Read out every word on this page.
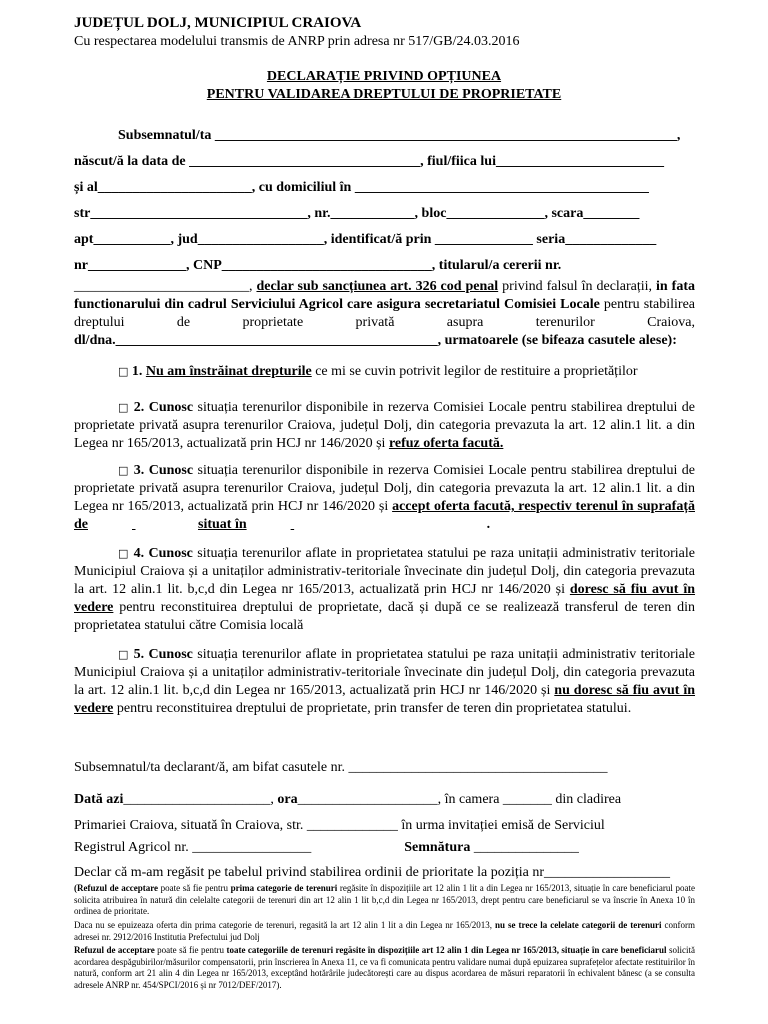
JUDEȚUL DOLJ, MUNICIPIUL CRAIOVA
Cu respectarea modelului transmis de ANRP prin adresa nr 517/GB/24.03.2016
DECLARAȚIE PRIVIND OPȚIUNEA
PENTRU VALIDAREA DREPTULUI DE PROPRIETATE
Subsemnatul/ta __________________________________________________________________,
născut/ă la data de _________________________________, fiul/fiica lui________________________
și al______________________, cu domiciliul în __________________________________________
str_______________________________, nr.____________, bloc______________, scara________
apt___________, jud__________________, identificat/ă prin ______________ seria_____________
nr______________, CNP______________________________, titularul/a cererii nr.
_________________________, declar sub sancțiunea art. 326 cod penal privind falsul în declarații, in fata functionarului din cadrul Serviciului Agricol care asigura secretariatul Comisiei Locale pentru stabilirea dreptului de proprietate privată asupra terenurilor Craiova, dl/dna.______________________________________________, urmatoarele (se bifeaza casutele alese):
□ 1. Nu am înstrăinat drepturile ce mi se cuvin potrivit legilor de restituire a proprietăților
□ 2. Cunosc situația terenurilor disponibile in rezerva Comisiei Locale pentru stabilirea dreptului de proprietate privată asupra terenurilor Craiova, județul Dolj, din categoria prevazuta la art. 12 alin.1 lit. a din Legea nr 165/2013, actualizată prin HCJ nr 146/2020 și refuz oferta facută.
□ 3. Cunosc situația terenurilor disponibile in rezerva Comisiei Locale pentru stabilirea dreptului de proprietate privată asupra terenurilor Craiova, județul Dolj, din categoria prevazuta la art. 12 alin.1 lit. a din Legea nr 165/2013, actualizată prin HCJ nr 146/2020 și accept oferta facută, respectiv terenul în suprafață de	situat în	.
□ 4. Cunosc situația terenurilor aflate in proprietatea statului pe raza unitații administrativ teritoriale Municipiul Craiova și a unitaților administrativ-teritoriale învecinate din județul Dolj, din categoria prevazuta la art. 12 alin.1 lit. b,c,d din Legea nr 165/2013, actualizată prin HCJ nr 146/2020 și doresc să fiu avut în vedere pentru reconstituirea dreptului de proprietate, dacă și după ce se realizează transferul de teren din proprietatea statului către Comisia locală
□ 5. Cunosc situația terenurilor aflate in proprietatea statului pe raza unitații administrativ teritoriale Municipiul Craiova și a unitaților administrativ-teritoriale învecinate din județul Dolj, din categoria prevazuta la art. 12 alin.1 lit. b,c,d din Legea nr 165/2013, actualizată prin HCJ nr 146/2020 și nu doresc să fiu avut în vedere pentru reconstituirea dreptului de proprietate, prin transfer de teren din proprietatea statului.
Subsemnatul/ta declarant/ă, am bifat casutele nr. _____________________________________
Dată azi_____________________, ora____________________, în camera _______ din cladirea
Primariei Craiova, situată în Craiova, str. _____________ în urma invitației emisă de Serviciul
Registrul Agricol nr. _________________	Semnătura _______________
Declar că m-am regăsit pe tabelul privind stabilirea ordinii de prioritate la poziția nr__________________
(Refuzul de acceptare poate să fie pentru prima categorie de terenuri regăsite în dispozițiile art 12 alin 1 lit a din Legea nr 165/2013, situație în care beneficiarul poate solicita atribuirea în natură din celelalte categorii de terenuri din art 12 alin 1 lit b,c,d din Legea nr 165/2013, drept pentru care beneficiarul se va înscrie în Anexa 10 în ordinea de prioritate.
Daca nu se epuizeaza oferta din prima categorie de terenuri, regasită la art 12 alin 1 lit a din Legea nr 165/2013, nu se trece la celelate categorii de terenuri conform adresei nr. 2912/2016 Institutia Prefectului jud Dolj
Refuzul de acceptare poate să fie pentru toate categoriile de terenuri regăsite în dispozițiile art 12 alin 1 din Legea nr 165/2013, situație în care beneficiarul solicită acordarea despăgubirilor/măsurilor compensatorii, prin înscrierea în Anexa 11, ce va fi comunicata pentru validare numai după epuizarea suprafețelor afectate restituirilor în natură, conform art 21 alin 4 din Legea nr 165/2013, exceptând hotărârile judecătorești care au dispus acordarea de măsuri reparatorii în echivalent bănesc (a se consulta adresele ANRP nr. 454/SPCI/2016 și nr 7012/DEF/2017).
